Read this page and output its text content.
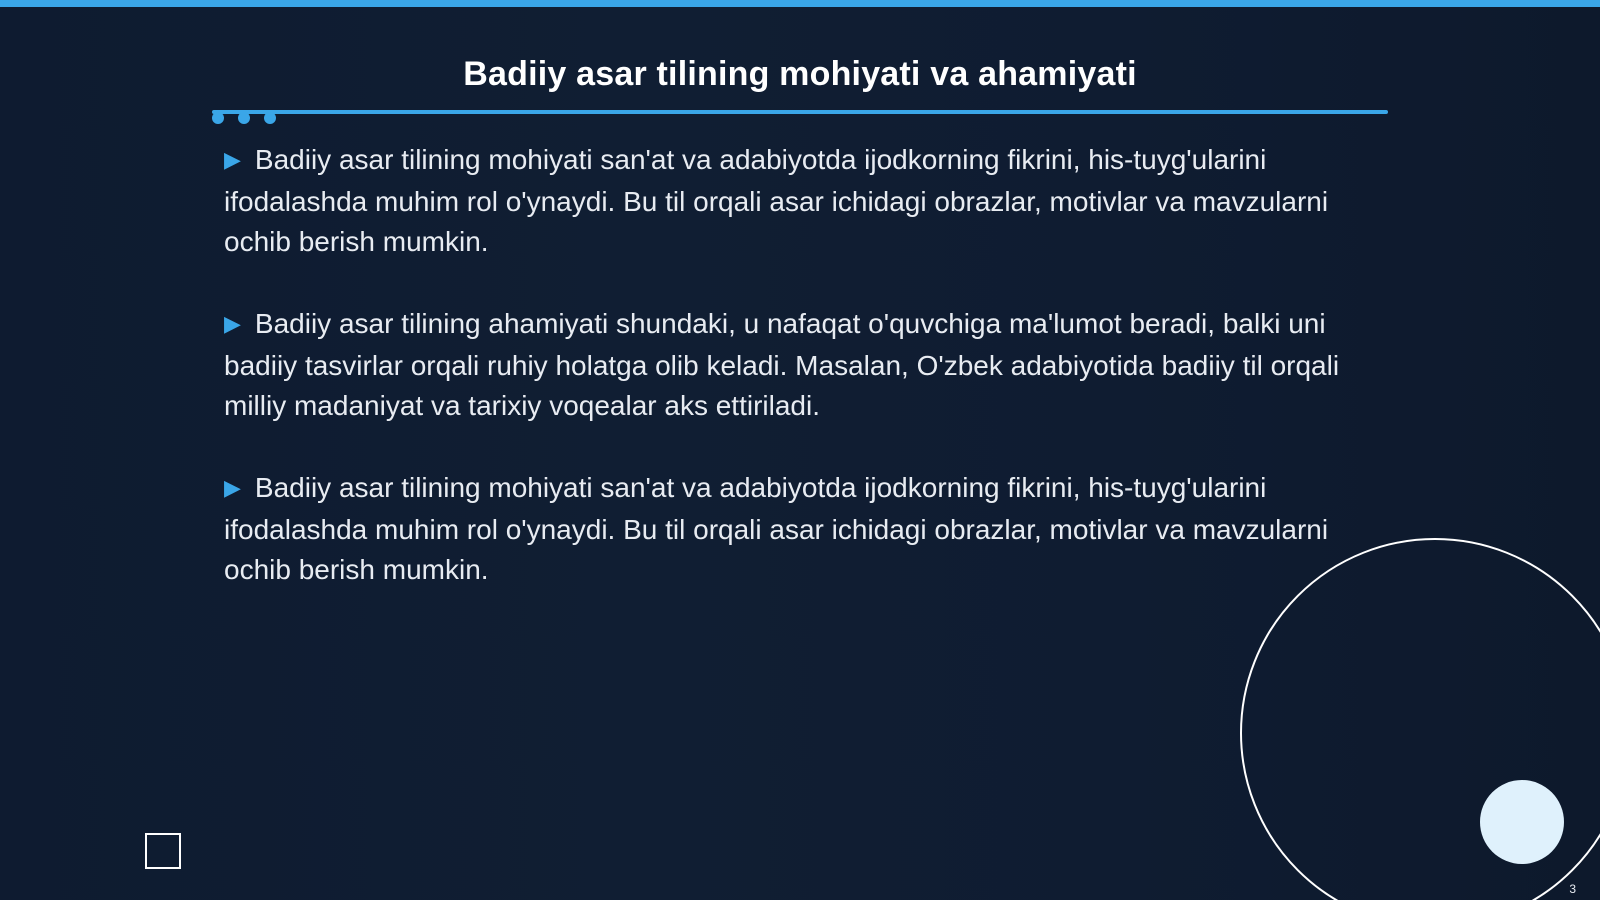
Badiiy asar tilining mohiyati va ahamiyati
▶ Badiiy asar tilining mohiyati san'at va adabiyotda ijodkorning fikrini, his-tuyg'ularini ifodalashda muhim rol o'ynaydi. Bu til orqali asar ichidagi obrazlar, motivlar va mavzularni ochib berish mumkin.
▶ Badiiy asar tilining ahamiyati shundaki, u nafaqat o'quvchiga ma'lumot beradi, balki uni badiiy tasvirlar orqali ruhiy holatga olib keladi. Masalan, O'zbek adabiyotida badiiy til orqali milliy madaniyat va tarixiy voqealar aks ettiriladi.
▶ Badiiy asar tilining mohiyati san'at va adabiyotda ijodkorning fikrini, his-tuyg'ularini ifodalashda muhim rol o'ynaydi. Bu til orqali asar ichidagi obrazlar, motivlar va mavzularni ochib berish mumkin.
3
